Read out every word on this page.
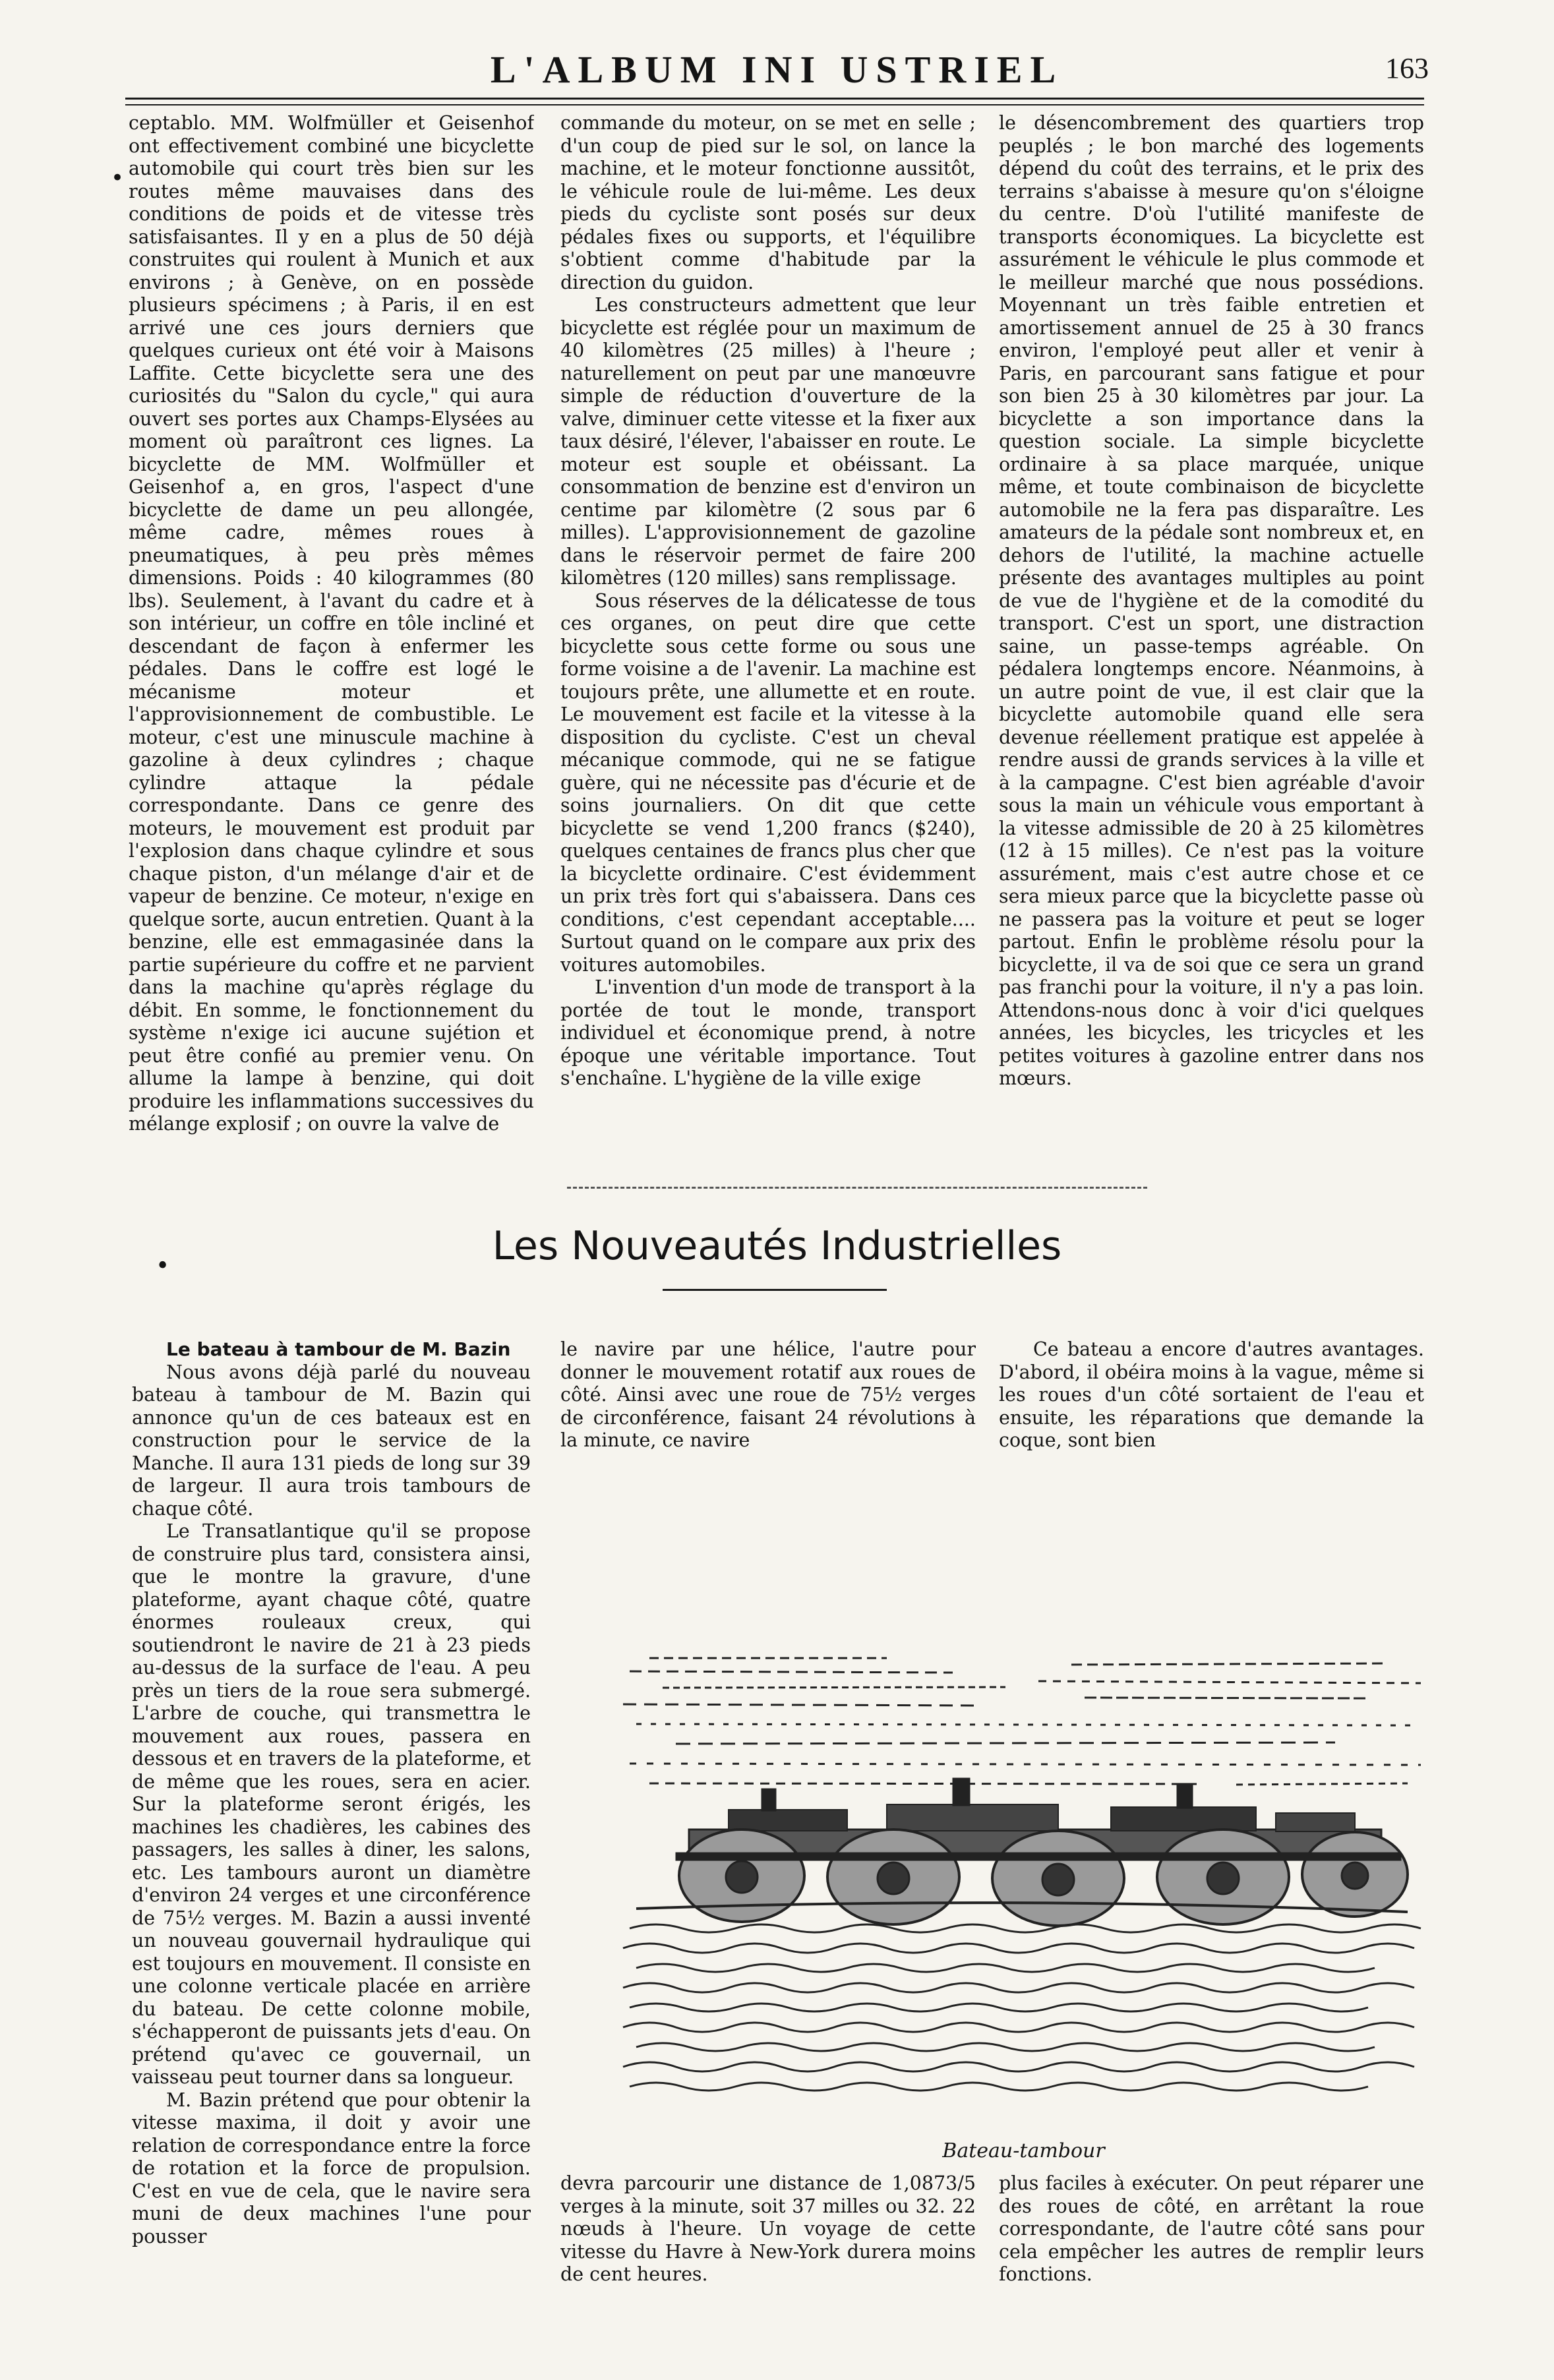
L'ALBUM INI USTRIEL	163
•

ceptablo. MM. Wolfmüller et Geisenhof ont effectivement combiné une bicyclette automobile qui court très bien sur les routes même mauvaises dans des conditions de poids et de vitesse très satisfaisantes. Il y en a plus de 50 déjà construites qui roulent à Munich et aux environs ; à Genève, on en possède plusieurs spécimens ; à Paris, il en est arrivé une ces jours derniers que quelques curieux ont été voir à Maisons Laffite. Cette bicyclette sera une des curiosités du "Salon du cycle," qui aura ouvert ses portes aux Champs-Elysées au moment où paraîtront ces lignes. La bicyclette de MM. Wolfmüller et Geisenhof a, en gros, l'aspect d'une bicyclette de dame un peu allongée, même cadre, mêmes roues à pneumatiques, à peu près mêmes dimensions. Poids : 40 kilogrammes (80 lbs). Seulement, à l'avant du cadre et à son intérieur, un coffre en tôle incliné et descendant de façon à enfermer les pédales. Dans le coffre est logé le mécanisme moteur et l'approvisionnement de combustible. Le moteur, c'est une minuscule machine à gazoline à deux cylindres ; chaque cylindre attaque la pédale correspondante. Dans ce genre des moteurs, le mouvement est produit par l'explosion dans chaque cylindre et sous chaque piston, d'un mélange d'air et de vapeur de benzine. Ce moteur, n'exige en quelque sorte, aucun entretien. Quant à la benzine, elle est emmagasinée dans la partie supérieure du coffre et ne parvient dans la machine qu'après réglage du débit. En somme, le fonctionnement du système n'exige ici aucune sujétion et peut être confié au premier venu. On allume la lampe à benzine, qui doit produire les inflammations successives du mélange explosif ; on ouvre la valve de

commande du moteur, on se met en selle ; d'un coup de pied sur le sol, on lance la machine, et le moteur fonctionne aussitôt, le véhicule roule de lui-même. Les deux pieds du cycliste sont posés sur deux pédales fixes ou supports, et l'équilibre s'obtient comme d'habitude par la direction du guidon.

Les constructeurs admettent que leur bicyclette est réglée pour un maximum de 40 kilomètres (25 milles) à l'heure ; naturellement on peut par une manœuvre simple de réduction d'ouverture de la valve, diminuer cette vitesse et la fixer aux taux désiré, l'élever, l'abaisser en route. Le moteur est souple et obéissant. La consommation de benzine est d'environ un centime par kilomètre (2 sous par 6 milles). L'approvisionnement de gazoline dans le réservoir permet de faire 200 kilomètres (120 milles) sans remplissage.

Sous réserves de la délicatesse de tous ces organes, on peut dire que cette bicyclette sous cette forme ou sous une forme voisine a de l'avenir. La machine est toujours prête, une allumette et en route. Le mouvement est facile et la vitesse à la disposition du cycliste. C'est un cheval mécanique commode, qui ne se fatigue guère, qui ne nécessite pas d'écurie et de soins journaliers. On dit que cette bicyclette se vend 1,200 francs ($240), quelques centaines de francs plus cher que la bicyclette ordinaire. C'est évidemment un prix très fort qui s'abaissera. Dans ces conditions, c'est cependant acceptable.... Surtout quand on le compare aux prix des voitures automobiles.

L'invention d'un mode de transport à la portée de tout le monde, transport individuel et économique prend, à notre époque une véritable importance. Tout s'enchaîne. L'hygiène de la ville exige

le désencombrement des quartiers trop peuplés ; le bon marché des logements dépend du coût des terrains, et le prix des terrains s'abaisse à mesure qu'on s'éloigne du centre. D'où l'utilité manifeste de transports économiques. La bicyclette est assurément le véhicule le plus commode et le meilleur marché que nous possédions. Moyennant un très faible entretien et amortissement annuel de 25 à 30 francs environ, l'employé peut aller et venir à Paris, en parcourant sans fatigue et pour son bien 25 à 30 kilomètres par jour. La bicyclette a son importance dans la question sociale. La simple bicyclette ordinaire à sa place marquée, unique même, et toute combinaison de bicyclette automobile ne la fera pas disparaître. Les amateurs de la pédale sont nombreux et, en dehors de l'utilité, la machine actuelle présente des avantages multiples au point de vue de l'hygiène et de la comodité du transport. C'est un sport, une distraction saine, un passe-temps agréable. On pédalera longtemps encore. Néanmoins, à un autre point de vue, il est clair que la bicyclette automobile quand elle sera devenue réellement pratique est appelée à rendre aussi de grands services à la ville et à la campagne. C'est bien agréable d'avoir sous la main un véhicule vous emportant à la vitesse admissible de 20 à 25 kilomètres (12 à 15 milles). Ce n'est pas la voiture assurément, mais c'est autre chose et ce sera mieux parce que la bicyclette passe où ne passera pas la voiture et peut se loger partout. Enfin le problème résolu pour la bicyclette, il va de soi que ce sera un grand pas franchi pour la voiture, il n'y a pas loin. Attendons-nous donc à voir d'ici quelques années, les bicycles, les tricycles et les petites voitures à gazoline entrer dans nos mœurs.

•	Les Nouveautés Industrielles

Le bateau à tambour de M. Bazin

Nous avons déjà parlé du nouveau bateau à tambour de M. Bazin qui annonce qu'un de ces bateaux est en construction pour le service de la Manche. Il aura 131 pieds de long sur 39 de largeur. Il aura trois tambours de chaque côté.

Le Transatlantique qu'il se propose de construire plus tard, consistera ainsi, que le montre la gravure, d'une plateforme, ayant chaque côté, quatre énormes rouleaux creux, qui soutiendront le navire de 21 à 23 pieds au-dessus de la surface de l'eau. A peu près un tiers de la roue sera submergé. L'arbre de couche, qui transmettra le mouvement aux roues, passera en dessous et en travers de la plateforme, et de même que les roues, sera en acier. Sur la plateforme seront érigés, les machines les chadières, les cabines des passagers, les salles à diner, les salons, etc. Les tambours auront un diamètre d'environ 24 verges et une circonférence de 75½ verges. M. Bazin a aussi inventé un nouveau gouvernail hydraulique qui est toujours en mouvement. Il consiste en une colonne verticale placée en arrière du bateau. De cette colonne mobile, s'échapperont de puissants jets d'eau. On prétend qu'avec ce gouvernail, un vaisseau peut tourner dans sa longueur.

M. Bazin prétend que pour obtenir la vitesse maxima, il doit y avoir une relation de correspondance entre la force de rotation et la force de propulsion. C'est en vue de cela, que le navire sera muni de deux machines l'une pour pousser

le navire par une hélice, l'autre pour donner le mouvement rotatif aux roues de côté. Ainsi avec une roue de 75½ verges de circonférence, faisant 24 révolutions à la minute, ce navire

Ce bateau a encore d'autres avantages. D'abord, il obéira moins à la vague, même si les roues d'un côté sortaient de l'eau et ensuite, les réparations que demande la coque, sont bien

Bateau-tambour

devra parcourir une distance de 1,0873/5 verges à la minute, soit 37 milles ou 32. 22 nœuds à l'heure. Un voyage de cette vitesse du Havre à New-York durera moins de cent heures.

plus faciles à exécuter. On peut réparer une des roues de côté, en arrêtant la roue correspondante, de l'autre côté sans pour cela empêcher les autres de remplir leurs fonctions.
